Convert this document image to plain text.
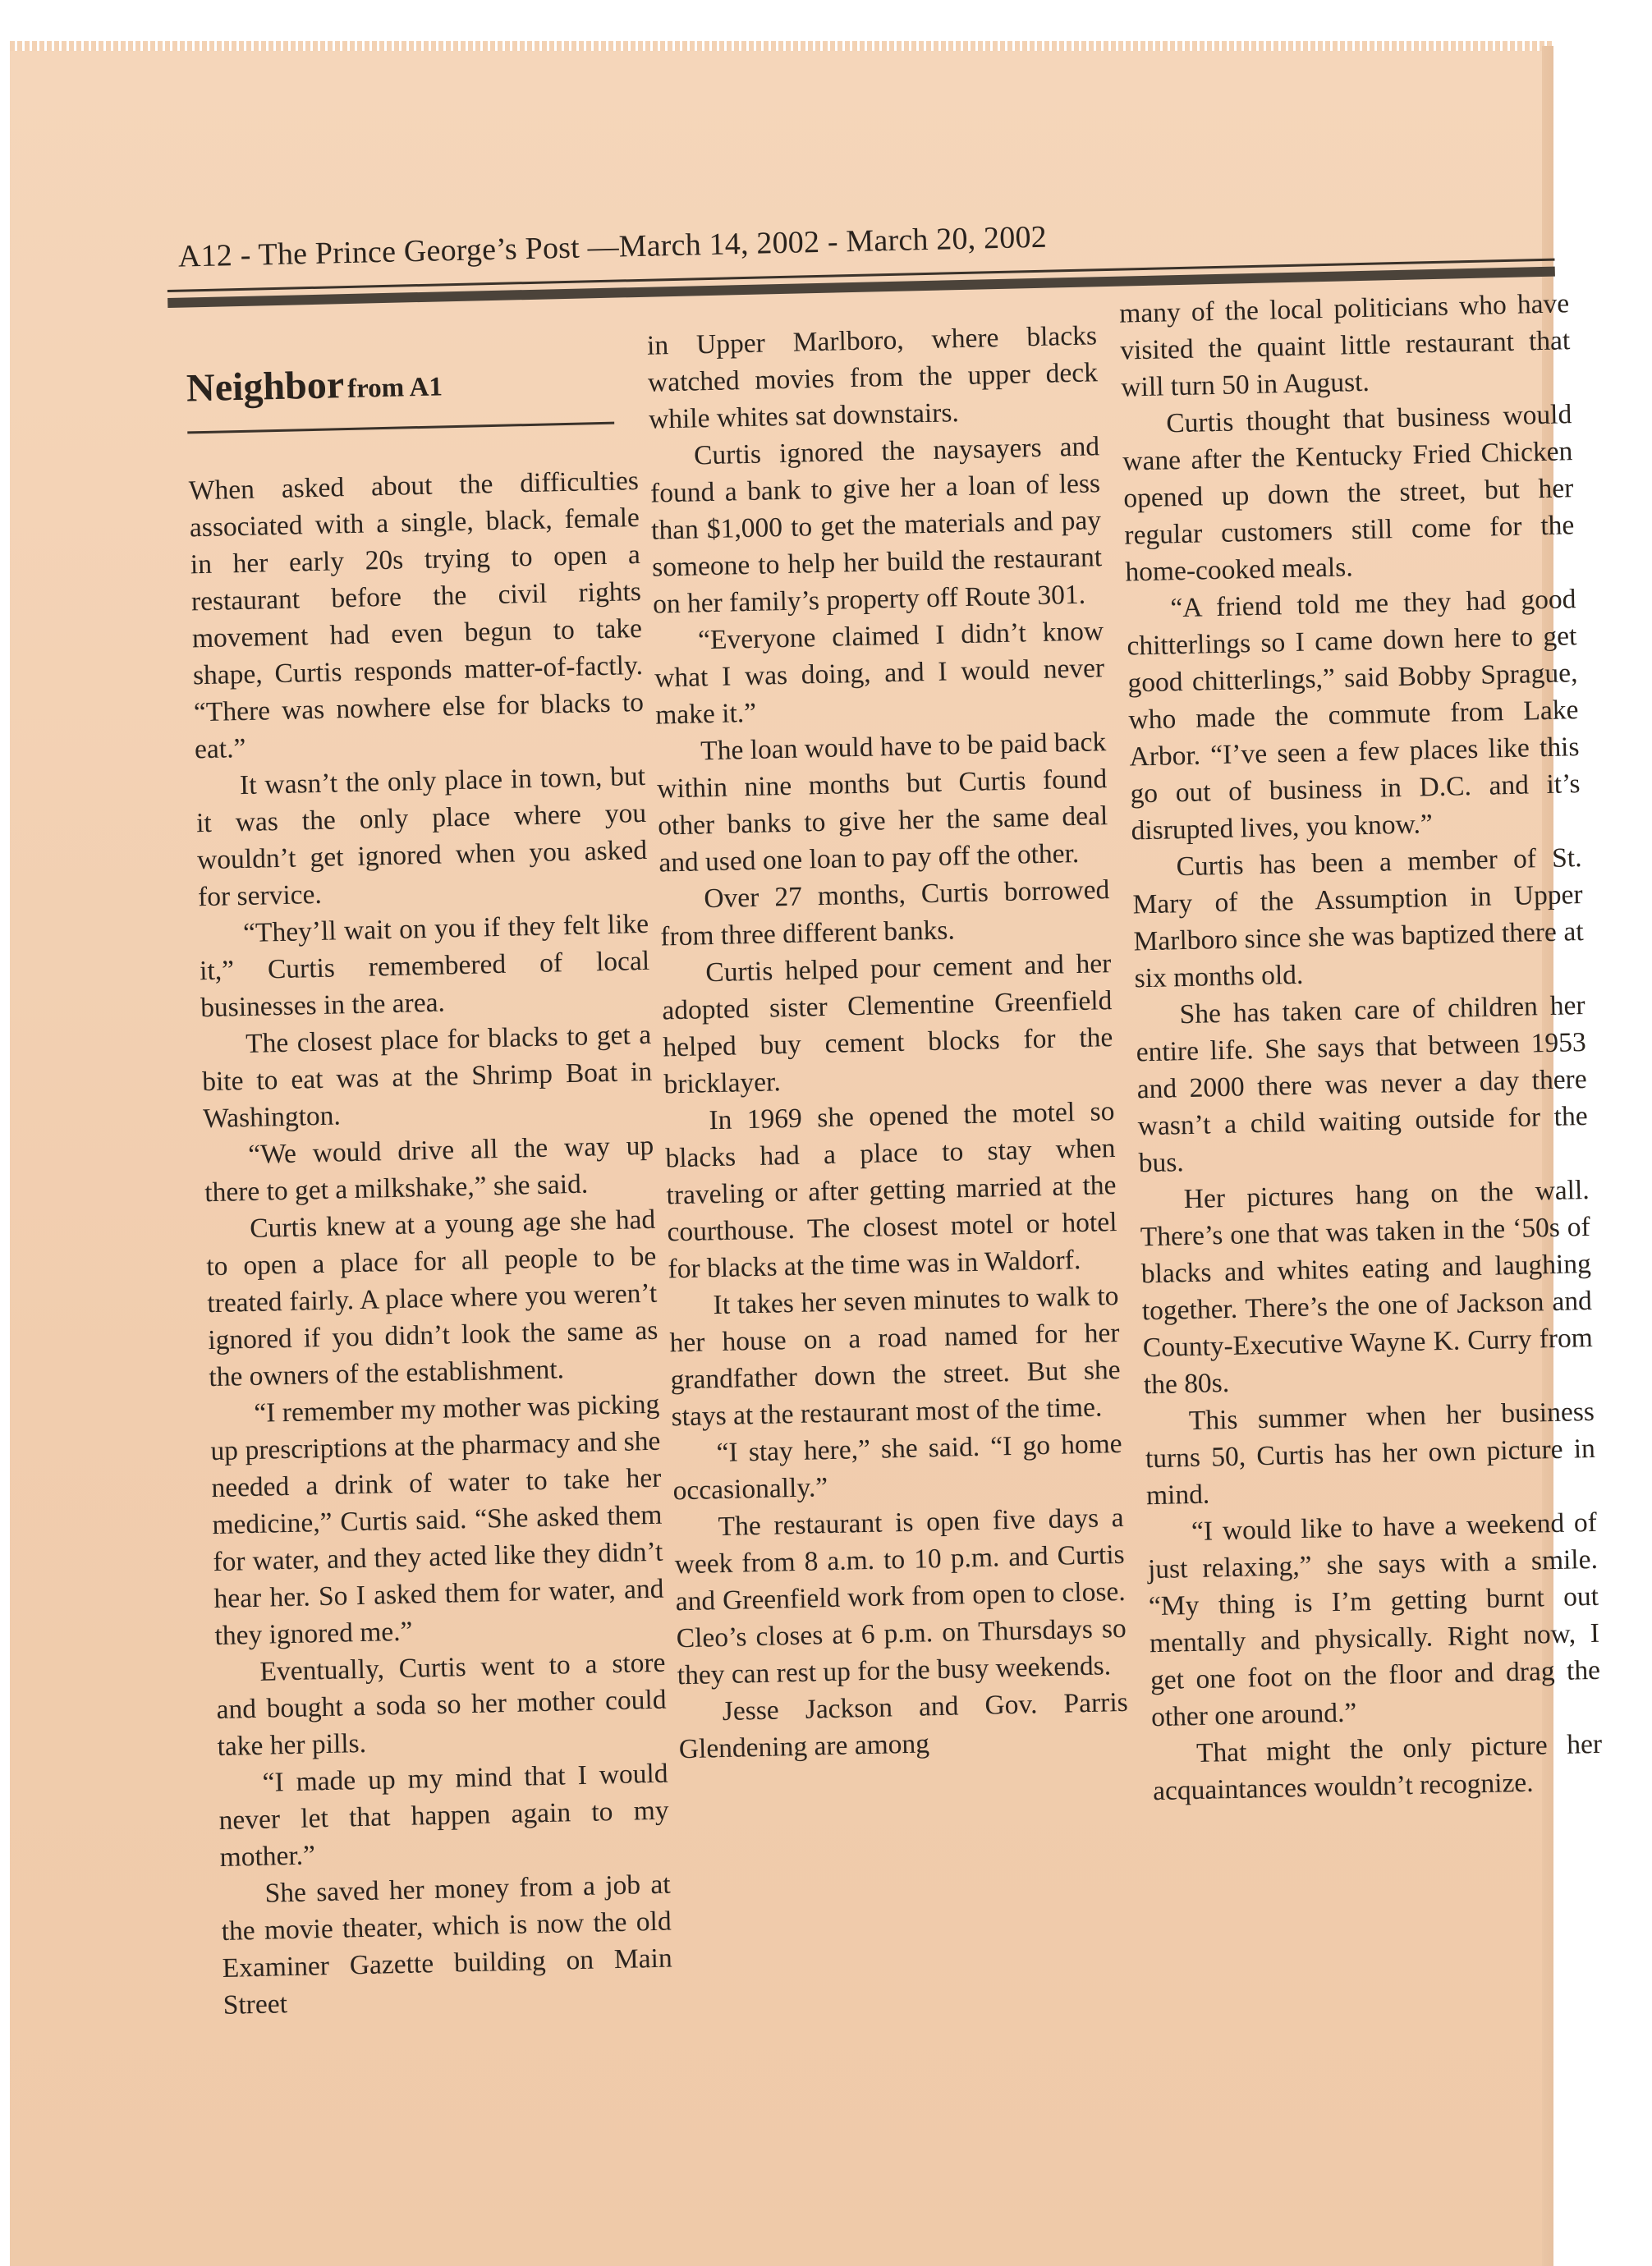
A12 - The Prince George’s Post —March 14, 2002 - March 20, 2002
Neighbor from A1

When asked about the difficulties associated with a single, black, female in her early 20s trying to open a restaurant before the civil rights movement had even begun to take shape, Curtis responds matter-of-factly. “There was nowhere else for blacks to eat.”

It wasn’t the only place in town, but it was the only place where you wouldn’t get ignored when you asked for service.

“They’ll wait on you if they felt like it,” Curtis remembered of local businesses in the area.

The closest place for blacks to get a bite to eat was at the Shrimp Boat in Washington.

“We would drive all the way up there to get a milkshake,” she said.

Curtis knew at a young age she had to open a place for all people to be treated fairly. A place where you weren’t ignored if you didn’t look the same as the owners of the establishment.

“I remember my mother was picking up prescriptions at the pharmacy and she needed a drink of water to take her medicine,” Curtis said. “She asked them for water, and they acted like they didn’t hear her. So I asked them for water, and they ignored me.”

Eventually, Curtis went to a store and bought a soda so her mother could take her pills.

“I made up my mind that I would never let that happen again to my mother.”

She saved her money from a job at the movie theater, which is now the old Examiner Gazette building on Main Street

in Upper Marlboro, where blacks watched movies from the upper deck while whites sat downstairs.

Curtis ignored the naysayers and found a bank to give her a loan of less than $1,000 to get the materials and pay someone to help her build the restaurant on her family’s property off Route 301.

“Everyone claimed I didn’t know what I was doing, and I would never make it.”

The loan would have to be paid back within nine months but Curtis found other banks to give her the same deal and used one loan to pay off the other.

Over 27 months, Curtis borrowed from three different banks.

Curtis helped pour cement and her adopted sister Clementine Greenfield helped buy cement blocks for the bricklayer.

In 1969 she opened the motel so blacks had a place to stay when traveling or after getting married at the courthouse. The closest motel or hotel for blacks at the time was in Waldorf.

It takes her seven minutes to walk to her house on a road named for her grandfather down the street. But she stays at the restaurant most of the time.

“I stay here,” she said. “I go home occasionally.”

The restaurant is open five days a week from 8 a.m. to 10 p.m. and Curtis and Greenfield work from open to close. Cleo’s closes at 6 p.m. on Thursdays so they can rest up for the busy weekends.

Jesse Jackson and Gov. Parris Glendening are among

many of the local politicians who have visited the quaint little restaurant that will turn 50 in August.

Curtis thought that business would wane after the Kentucky Fried Chicken opened up down the street, but her regular customers still come for the home-cooked meals.

“A friend told me they had good chitterlings so I came down here to get good chitterlings,” said Bobby Sprague, who made the commute from Lake Arbor. “I’ve seen a few places like this go out of business in D.C. and it’s disrupted lives, you know.”

Curtis has been a member of St. Mary of the Assumption in Upper Marlboro since she was baptized there at six months old.

She has taken care of children her entire life. She says that between 1953 and 2000 there was never a day there wasn’t a child waiting outside for the bus.

Her pictures hang on the wall. There’s one that was taken in the ‘50s of blacks and whites eating and laughing together. There’s the one of Jackson and County-Executive Wayne K. Curry from the 80s.

This summer when her business turns 50, Curtis has her own picture in mind.

“I would like to have a weekend of just relaxing,” she says with a smile. “My thing is I’m getting burnt out mentally and physically. Right now, I get one foot on the floor and drag the other one around.”

That might the only picture her acquaintances wouldn’t recognize.
